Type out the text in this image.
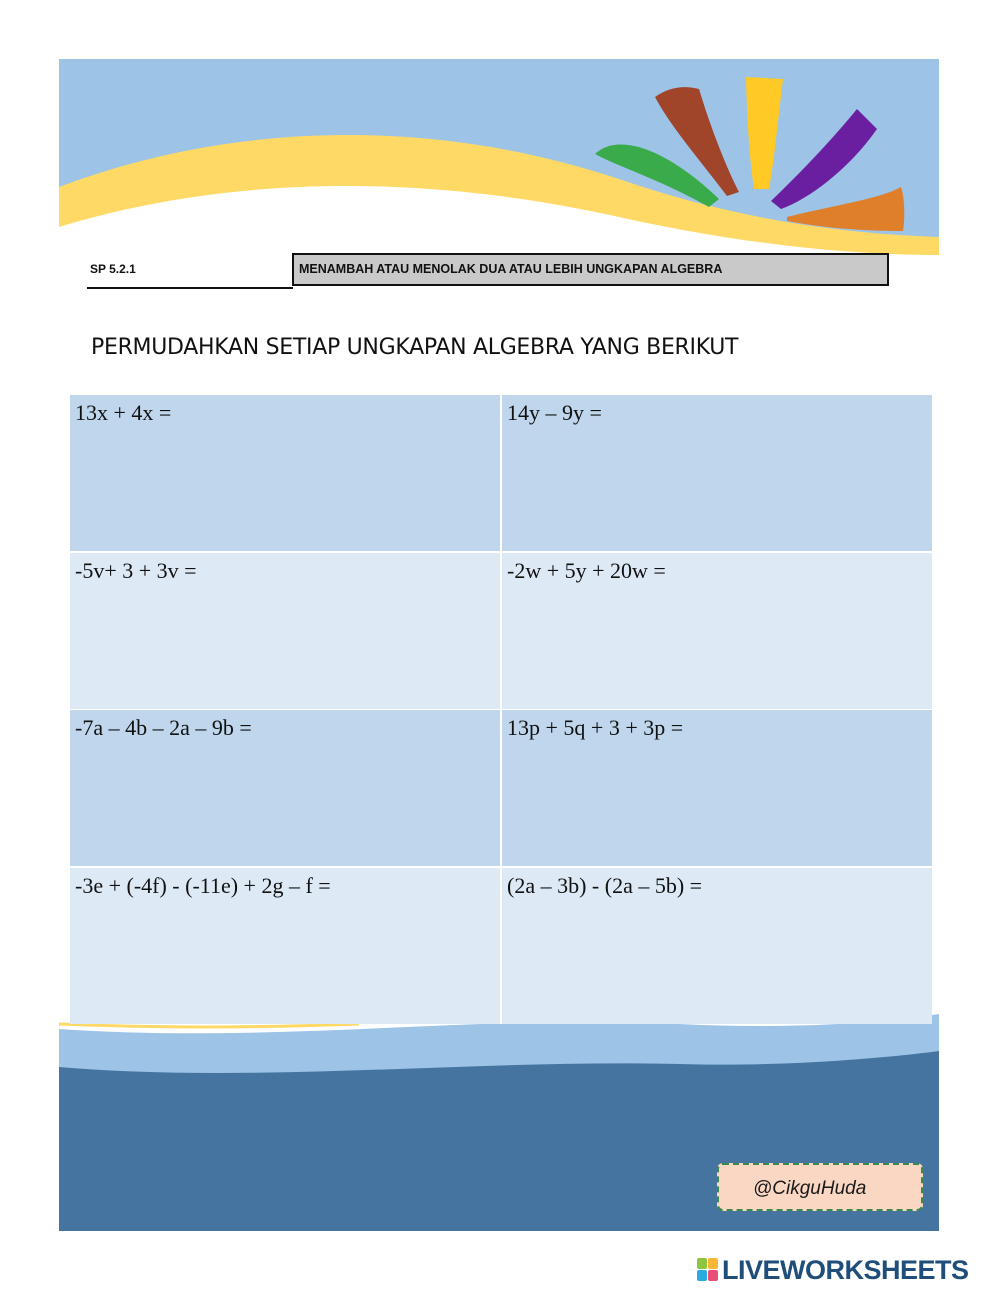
SP 5.2.1	MENAMBAH ATAU MENOLAK DUA ATAU LEBIH UNGKAPAN ALGEBRA
PERMUDAHKAN SETIAP UNGKAPAN ALGEBRA YANG BERIKUT
13x + 4x =	14y – 9y =
-5v+ 3 + 3v =	-2w + 5y + 20w =
-7a – 4b – 2a – 9b =	13p + 5q + 3 + 3p =
-3e + (-4f) - (-11e) + 2g – f =	(2a – 3b) - (2a – 5b) =
@CikguHuda
LIVEWORKSHEETS
